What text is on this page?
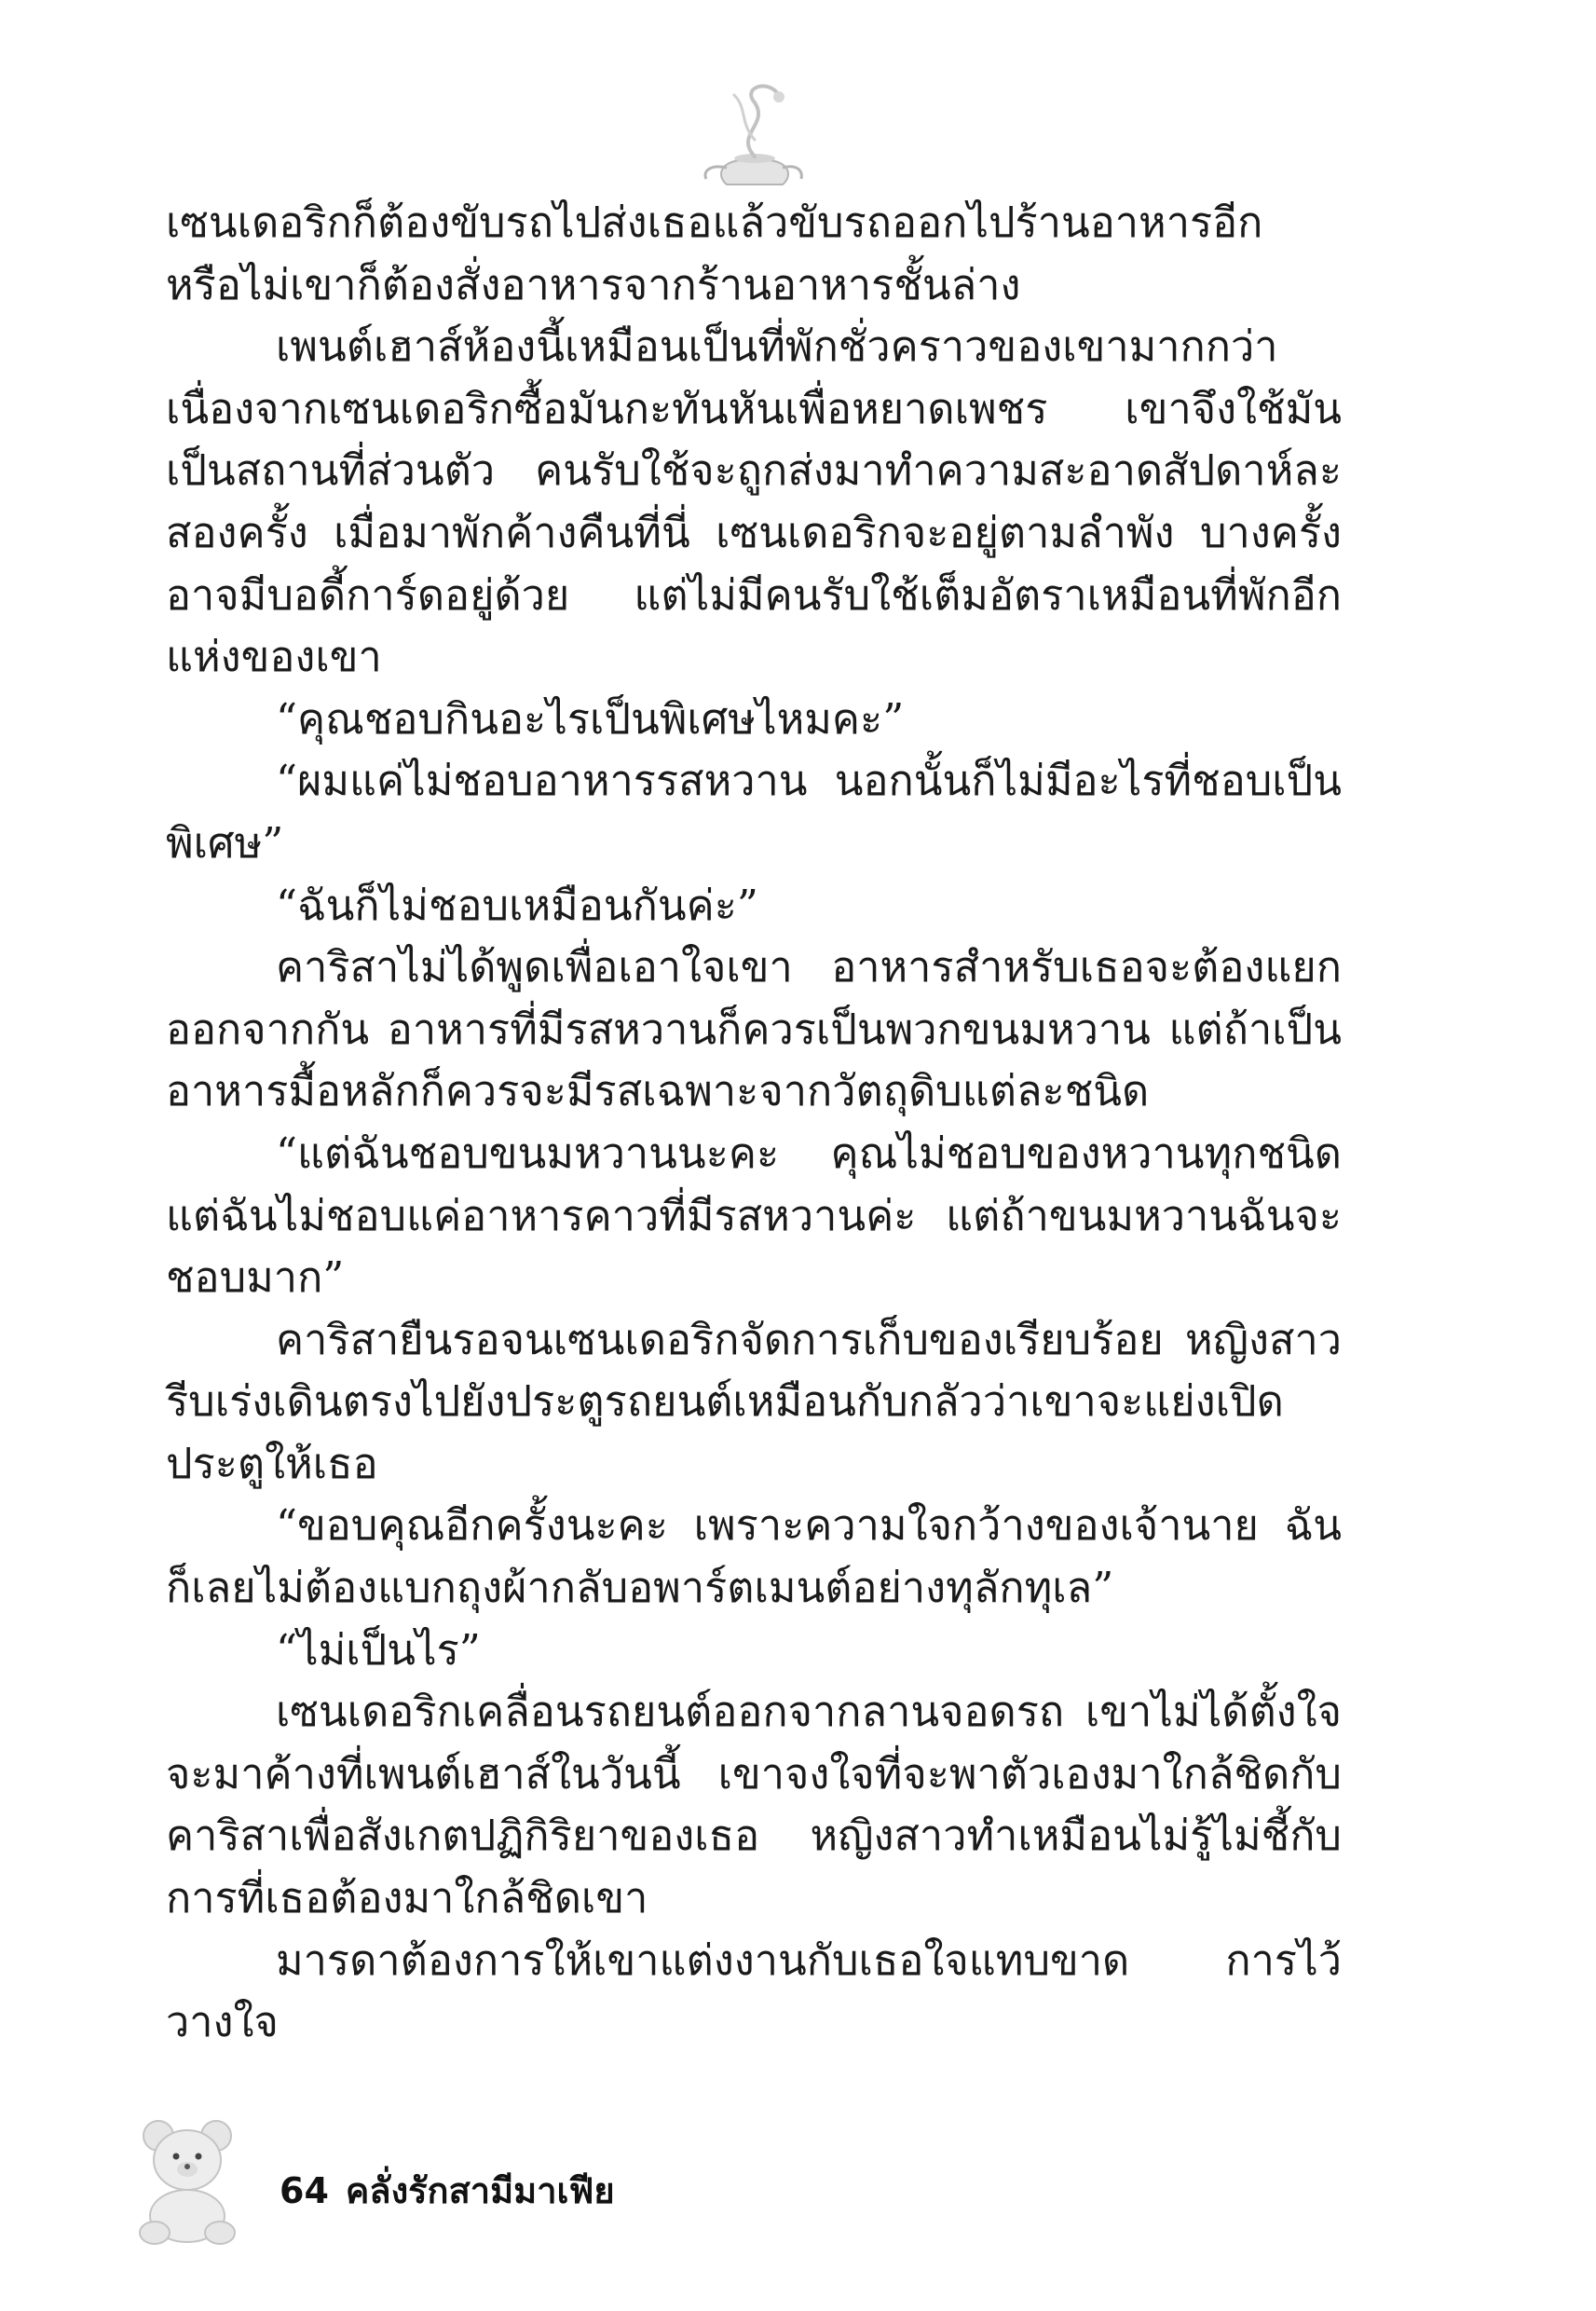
เซนเดอริกก็ต้องขับรถไปส่งเธอแล้วขับรถออกไปร้านอาหารอีก หรือไม่เขาก็ต้องสั่งอาหารจากร้านอาหารชั้นล่าง

เพนต์เฮาส์ห้องนี้เหมือนเป็นที่พักชั่วคราวของเขามากกว่า เนื่องจากเซนเดอริกซื้อมันกะทันหันเพื่อหยาดเพชร เขาจึงใช้มันเป็นสถานที่ส่วนตัว คนรับใช้จะถูกส่งมาทำความสะอาดสัปดาห์ละสองครั้ง เมื่อมาพักค้างคืนที่นี่ เซนเดอริกจะอยู่ตามลำพัง บางครั้งอาจมีบอดี้การ์ดอยู่ด้วย แต่ไม่มีคนรับใช้เต็มอัตราเหมือนที่พักอีกแห่งของเขา

“คุณชอบกินอะไรเป็นพิเศษไหมคะ”

“ผมแค่ไม่ชอบอาหารรสหวาน นอกนั้นก็ไม่มีอะไรที่ชอบเป็นพิเศษ”

“ฉันก็ไม่ชอบเหมือนกันค่ะ”

คาริสาไม่ได้พูดเพื่อเอาใจเขา อาหารสำหรับเธอจะต้องแยกออกจากกัน อาหารที่มีรสหวานก็ควรเป็นพวกขนมหวาน แต่ถ้าเป็นอาหารมื้อหลักก็ควรจะมีรสเฉพาะจากวัตถุดิบแต่ละชนิด

“แต่ฉันชอบขนมหวานนะคะ คุณไม่ชอบของหวานทุกชนิด แต่ฉันไม่ชอบแค่อาหารคาวที่มีรสหวานค่ะ แต่ถ้าขนมหวานฉันจะชอบมาก”

คาริสายืนรอจนเซนเดอริกจัดการเก็บของเรียบร้อย หญิงสาวรีบเร่งเดินตรงไปยังประตูรถยนต์เหมือนกับกลัวว่าเขาจะแย่งเปิดประตูให้เธอ

“ขอบคุณอีกครั้งนะคะ เพราะความใจกว้างของเจ้านาย ฉันก็เลยไม่ต้องแบกถุงผ้ากลับอพาร์ตเมนต์อย่างทุลักทุเล”

“ไม่เป็นไร”

เซนเดอริกเคลื่อนรถยนต์ออกจากลานจอดรถ เขาไม่ได้ตั้งใจจะมาค้างที่เพนต์เฮาส์ในวันนี้ เขาจงใจที่จะพาตัวเองมาใกล้ชิดกับคาริสาเพื่อสังเกตปฏิกิริยาของเธอ หญิงสาวทำเหมือนไม่รู้ไม่ชี้กับการที่เธอต้องมาใกล้ชิดเขา

มารดาต้องการให้เขาแต่งงานกับเธอใจแทบขาด การไว้วางใจ

64 คลั่งรักสามีมาเฟีย
